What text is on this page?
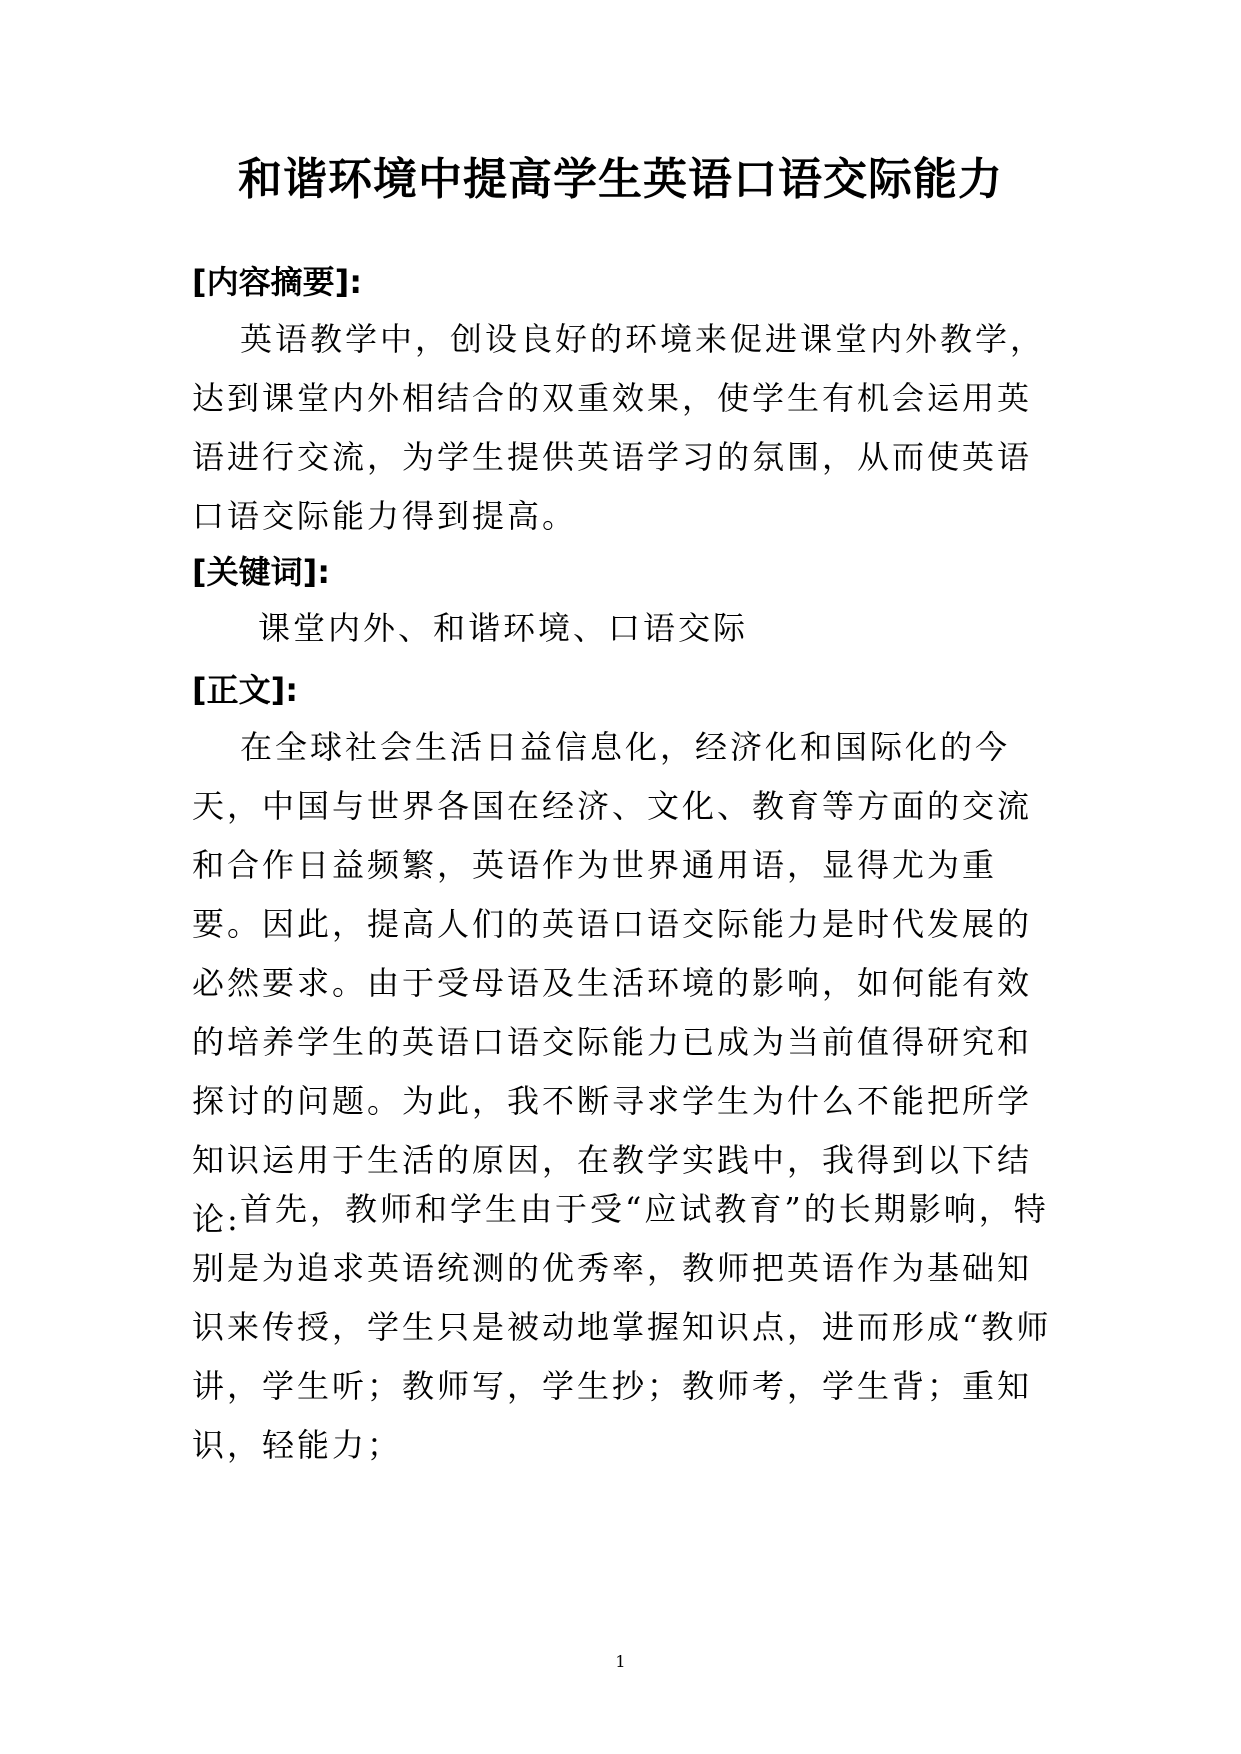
和谐环境中提高学生英语口语交际能力
[内容摘要]:

英语教学中，创设良好的环境来促进课堂内外教学，达到课堂内外相结合的双重效果，使学生有机会运用英语进行交流，为学生提供英语学习的氛围，从而使英语口语交际能力得到提高。

[关键词]:
课堂内外、和谐环境、口语交际
[正文]:

在全球社会生活日益信息化，经济化和国际化的今天，中国与世界各国在经济、文化、教育等方面的交流和合作日益频繁，英语作为世界通用语，显得尤为重要。因此，提高人们的英语口语交际能力是时代发展的必然要求。由于受母语及生活环境的影响，如何能有效的培养学生的英语口语交际能力已成为当前值得研究和探讨的问题。为此，我不断寻求学生为什么不能把所学知识运用于生活的原因，在教学实践中，我得到以下结论: 首先，教师和学生由于受“应试教育”的长期影响，特别是为追求英语统测的优秀率，教师把英语作为基础知识来传授，学生只是被动地掌握知识点，进而形成“教师讲，学生听；教师写，学生抄；教师考，学生背；重知识，轻能力；

1
